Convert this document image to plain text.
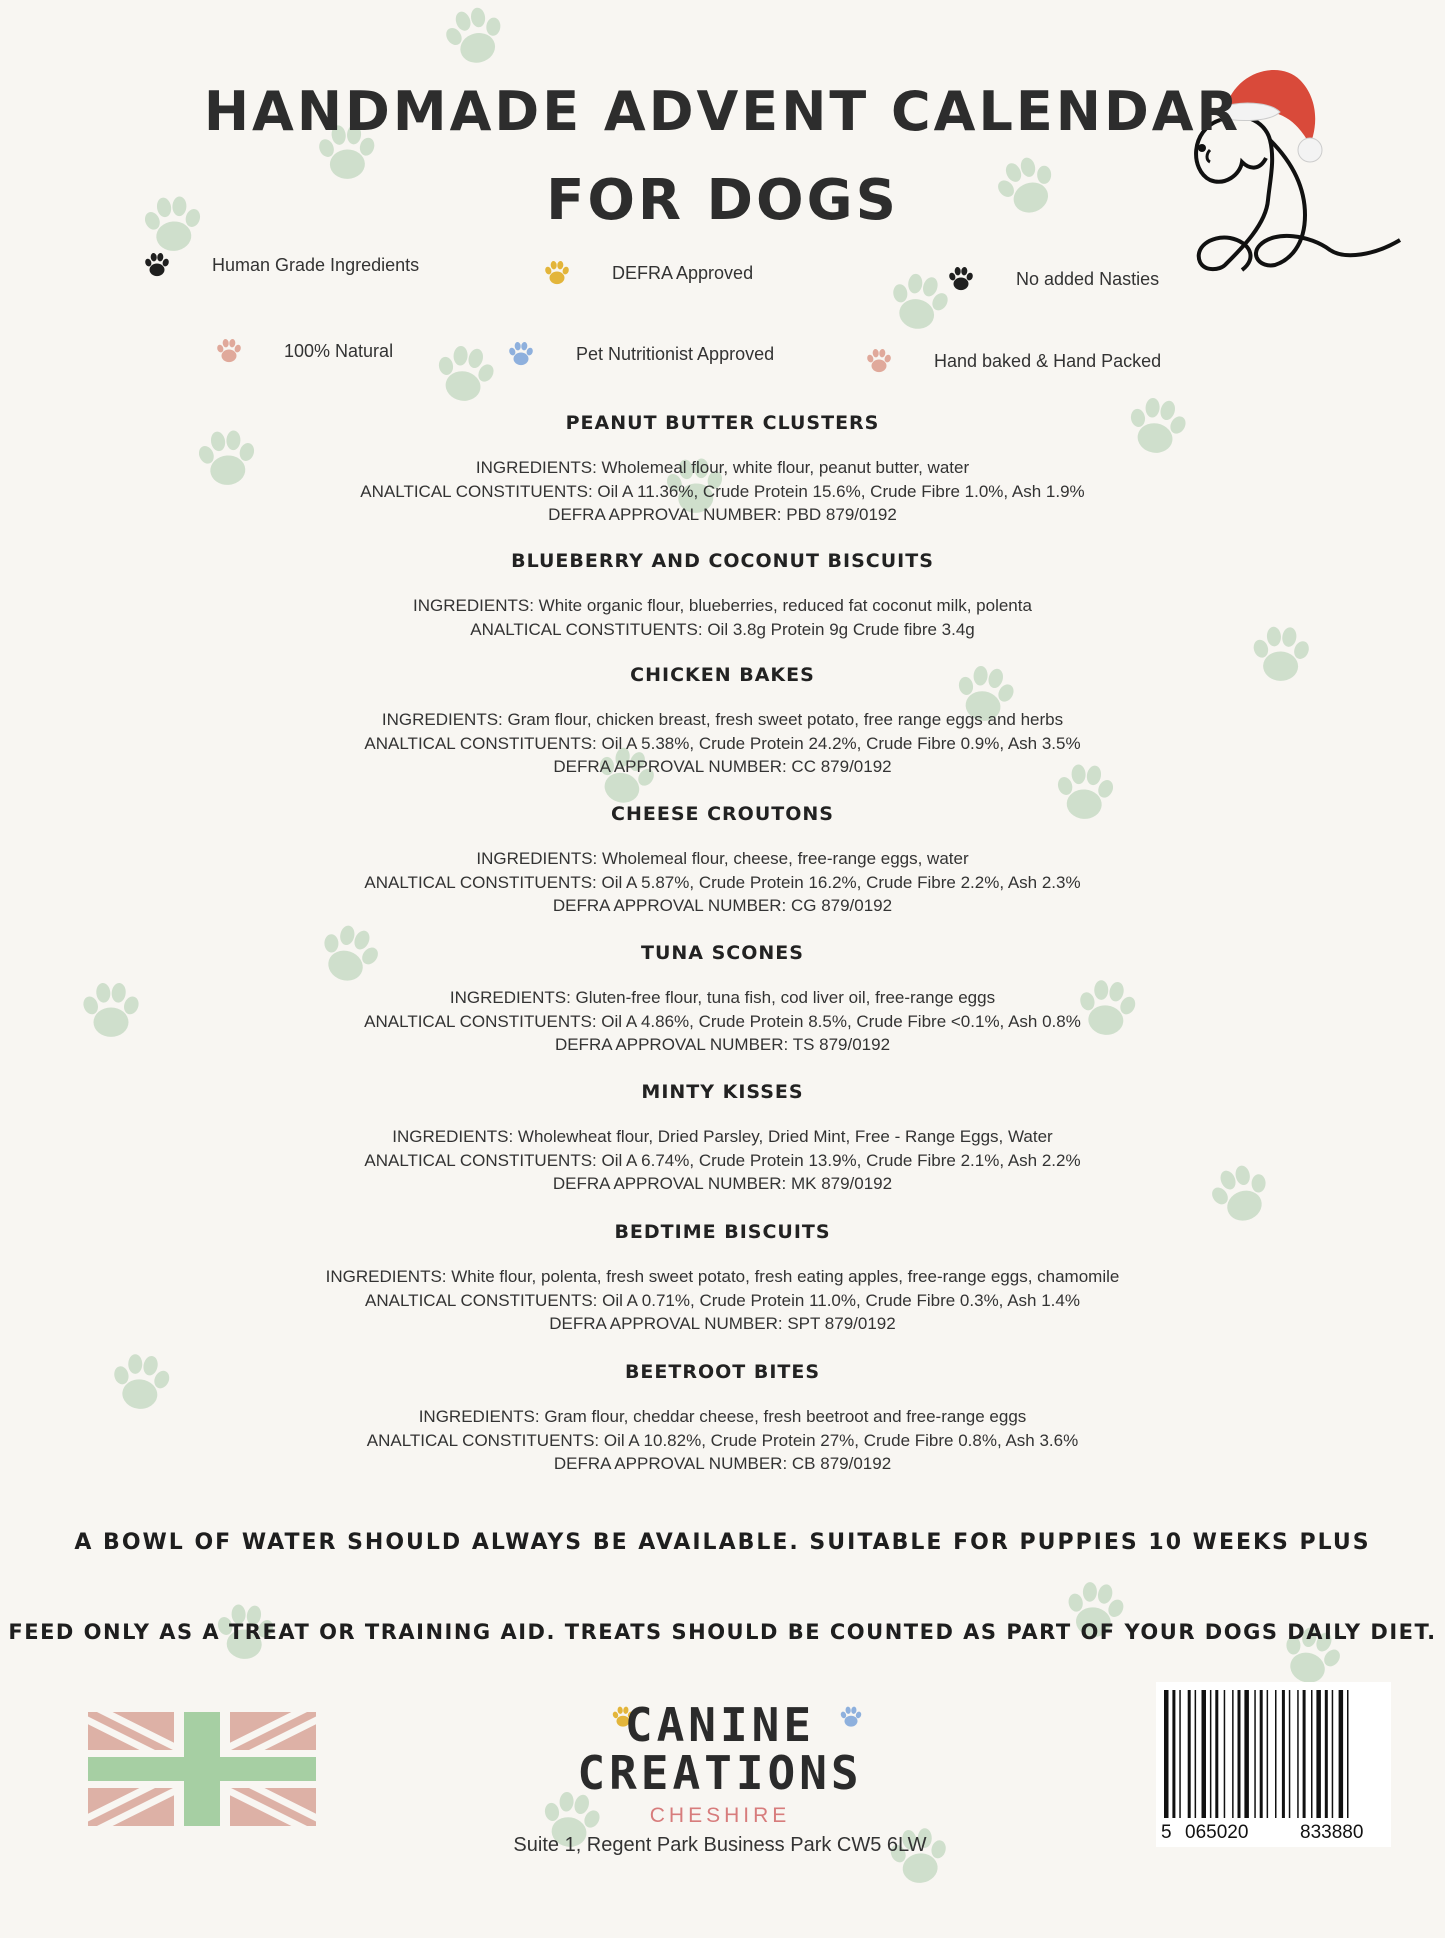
HANDMADE ADVENT CALENDAR
FOR DOGS
Human Grade Ingredients	DEFRA Approved	No added Nasties
100% Natural	Pet Nutritionist Approved	Hand baked & Hand Packed
PEANUT BUTTER CLUSTERS
INGREDIENTS: Wholemeal flour, white flour, peanut butter, water
ANALTICAL CONSTITUENTS: Oil A 11.36%, Crude Protein 15.6%, Crude Fibre 1.0%, Ash 1.9%
DEFRA APPROVAL NUMBER: PBD 879/0192
BLUEBERRY AND COCONUT BISCUITS
INGREDIENTS: White organic flour, blueberries, reduced fat coconut milk, polenta
ANALTICAL CONSTITUENTS: Oil 3.8g Protein 9g Crude fibre 3.4g
CHICKEN BAKES
INGREDIENTS: Gram flour, chicken breast, fresh sweet potato, free range eggs and herbs
ANALTICAL CONSTITUENTS: Oil A 5.38%, Crude Protein 24.2%, Crude Fibre 0.9%, Ash 3.5%
DEFRA APPROVAL NUMBER: CC 879/0192
CHEESE CROUTONS
INGREDIENTS: Wholemeal flour, cheese, free-range eggs, water
ANALTICAL CONSTITUENTS: Oil A 5.87%, Crude Protein 16.2%, Crude Fibre 2.2%, Ash 2.3%
DEFRA APPROVAL NUMBER: CG 879/0192
TUNA SCONES
INGREDIENTS: Gluten-free flour, tuna fish, cod liver oil, free-range eggs
ANALTICAL CONSTITUENTS: Oil A 4.86%, Crude Protein 8.5%, Crude Fibre <0.1%, Ash 0.8%
DEFRA APPROVAL NUMBER: TS 879/0192
MINTY KISSES
INGREDIENTS: Wholewheat flour, Dried Parsley, Dried Mint, Free - Range Eggs, Water
ANALTICAL CONSTITUENTS: Oil A 6.74%, Crude Protein 13.9%, Crude Fibre 2.1%, Ash 2.2%
DEFRA APPROVAL NUMBER: MK 879/0192
BEDTIME BISCUITS
INGREDIENTS: White flour, polenta, fresh sweet potato, fresh eating apples, free-range eggs, chamomile
ANALTICAL CONSTITUENTS: Oil A 0.71%, Crude Protein 11.0%, Crude Fibre 0.3%, Ash 1.4%
DEFRA APPROVAL NUMBER: SPT 879/0192
BEETROOT BITES
INGREDIENTS: Gram flour, cheddar cheese, fresh beetroot and free-range eggs
ANALTICAL CONSTITUENTS: Oil A 10.82%, Crude Protein 27%, Crude Fibre 0.8%, Ash 3.6%
DEFRA APPROVAL NUMBER: CB 879/0192
A BOWL OF WATER SHOULD ALWAYS BE AVAILABLE. SUITABLE FOR PUPPIES 10 WEEKS PLUS
FEED ONLY AS A TREAT OR TRAINING AID. TREATS SHOULD BE COUNTED AS PART OF YOUR DOGS DAILY DIET.
CANINE
CREATIONS
CHESHIRE
Suite 1, Regent Park Business Park CW5 6LW
5 065020	833880
